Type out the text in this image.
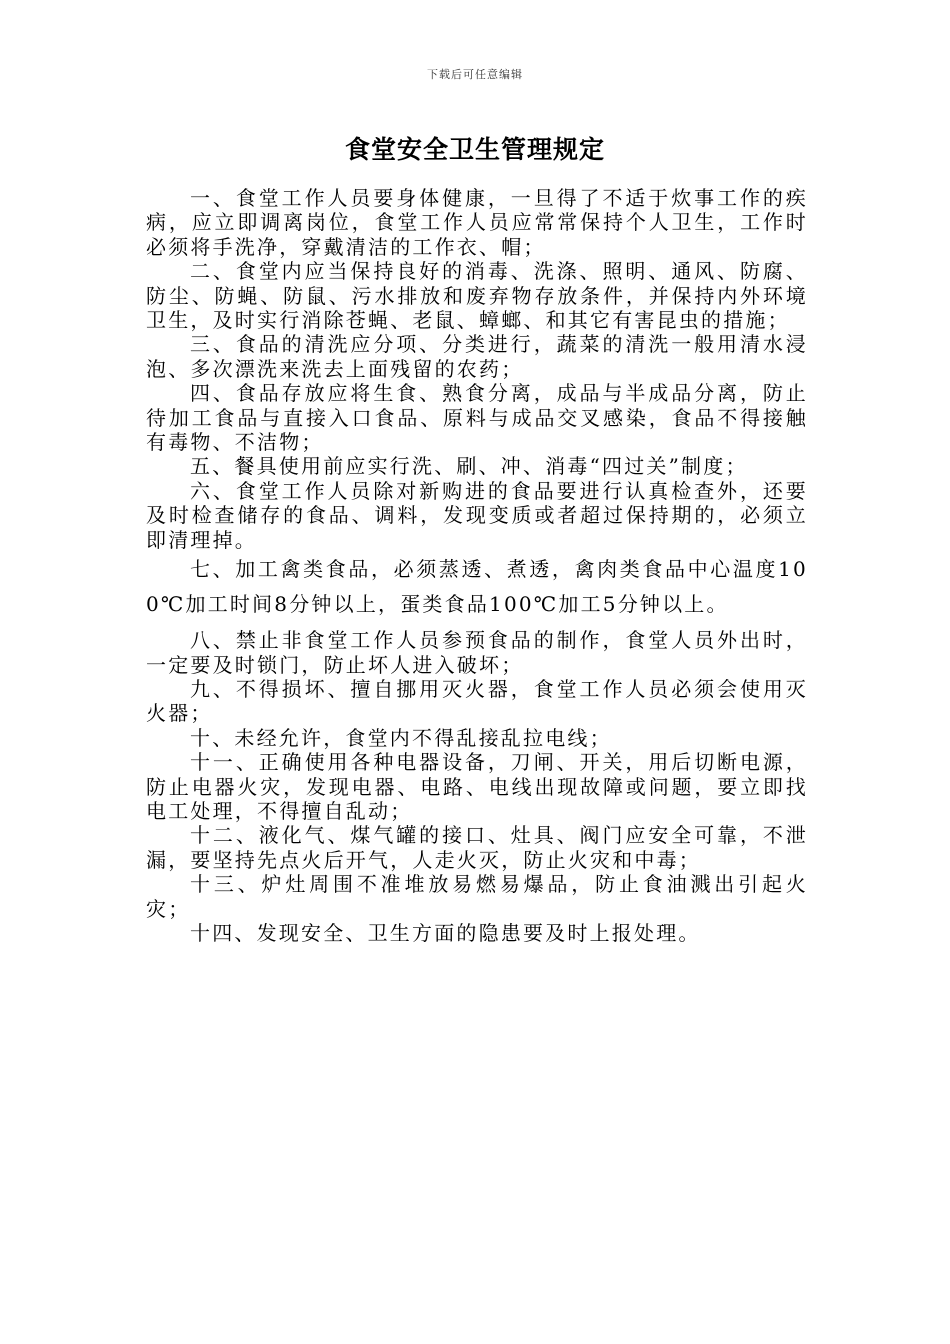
下载后可任意编辑
食堂安全卫生管理规定

一、食堂工作人员要身体健康，一旦得了不适于炊事工作的疾病，应立即调离岗位，食堂工作人员应常常保持个人卫生，工作时必须将手洗净，穿戴清洁的工作衣、帽；

二、食堂内应当保持良好的消毒、洗涤、照明、通风、防腐、防尘、防蝇、防鼠、污水排放和废弃物存放条件，并保持内外环境卫生，及时实行消除苍蝇、老鼠、蟑螂、和其它有害昆虫的措施；

三、食品的清洗应分项、分类进行，蔬菜的清洗一般用清水浸泡、多次漂洗来洗去上面残留的农药；

四、食品存放应将生食、熟食分离，成品与半成品分离，防止待加工食品与直接入口食品、原料与成品交叉感染，食品不得接触有毒物、不洁物；

五、餐具使用前应实行洗、刷、冲、消毒“四过关”制度；

六、食堂工作人员除对新购进的食品要进行认真检查外，还要及时检查储存的食品、调料，发现变质或者超过保持期的，必须立即清理掉。

七、加工禽类食品，必须蒸透、煮透，禽肉类食品中心温度100℃加工时间8分钟以上，蛋类食品100℃加工5分钟以上。

八、禁止非食堂工作人员参预食品的制作，食堂人员外出时，一定要及时锁门，防止坏人进入破坏；

九、不得损坏、擅自挪用灭火器，食堂工作人员必须会使用灭火器；

十、未经允许，食堂内不得乱接乱拉电线；

十一、正确使用各种电器设备，刀闸、开关，用后切断电源，防止电器火灾，发现电器、电路、电线出现故障或问题，要立即找电工处理，不得擅自乱动；

十二、液化气、煤气罐的接口、灶具、阀门应安全可靠，不泄漏，要坚持先点火后开气，人走火灭，防止火灾和中毒；

十三、炉灶周围不准堆放易燃易爆品，防止食油溅出引起火灾；

十四、发现安全、卫生方面的隐患要及时上报处理。
